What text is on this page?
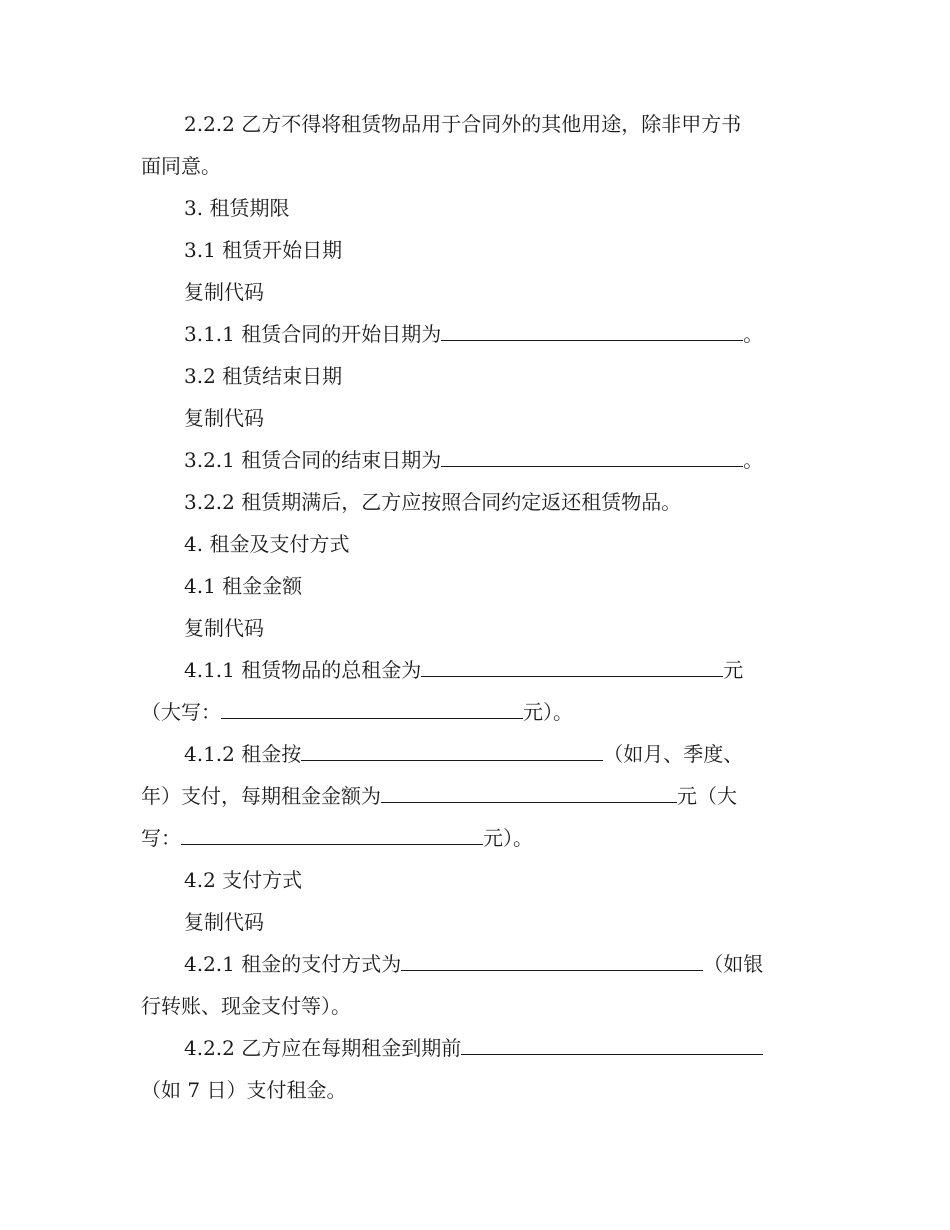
2.2.2 乙方不得将租赁物品用于合同外的其他用途，除非甲方书
面同意。
3. 租赁期限
3.1 租赁开始日期
复制代码
3.1.1 租赁合同的开始日期为	。
3.2 租赁结束日期
复制代码
3.2.1 租赁合同的结束日期为	。
3.2.2 租赁期满后，乙方应按照合同约定返还租赁物品。
4. 租金及支付方式
4.1 租金金额
复制代码
4.1.1 租赁物品的总租金为	元
（大写：	元）。
4.1.2 租金按	（如月、季度、
年）支付，每期租金金额为	元（大
写：	元）。
4.2 支付方式
复制代码
4.2.1 租金的支付方式为	（如银
行转账、现金支付等）。
4.2.2 乙方应在每期租金到期前
（如 7 日）支付租金。
